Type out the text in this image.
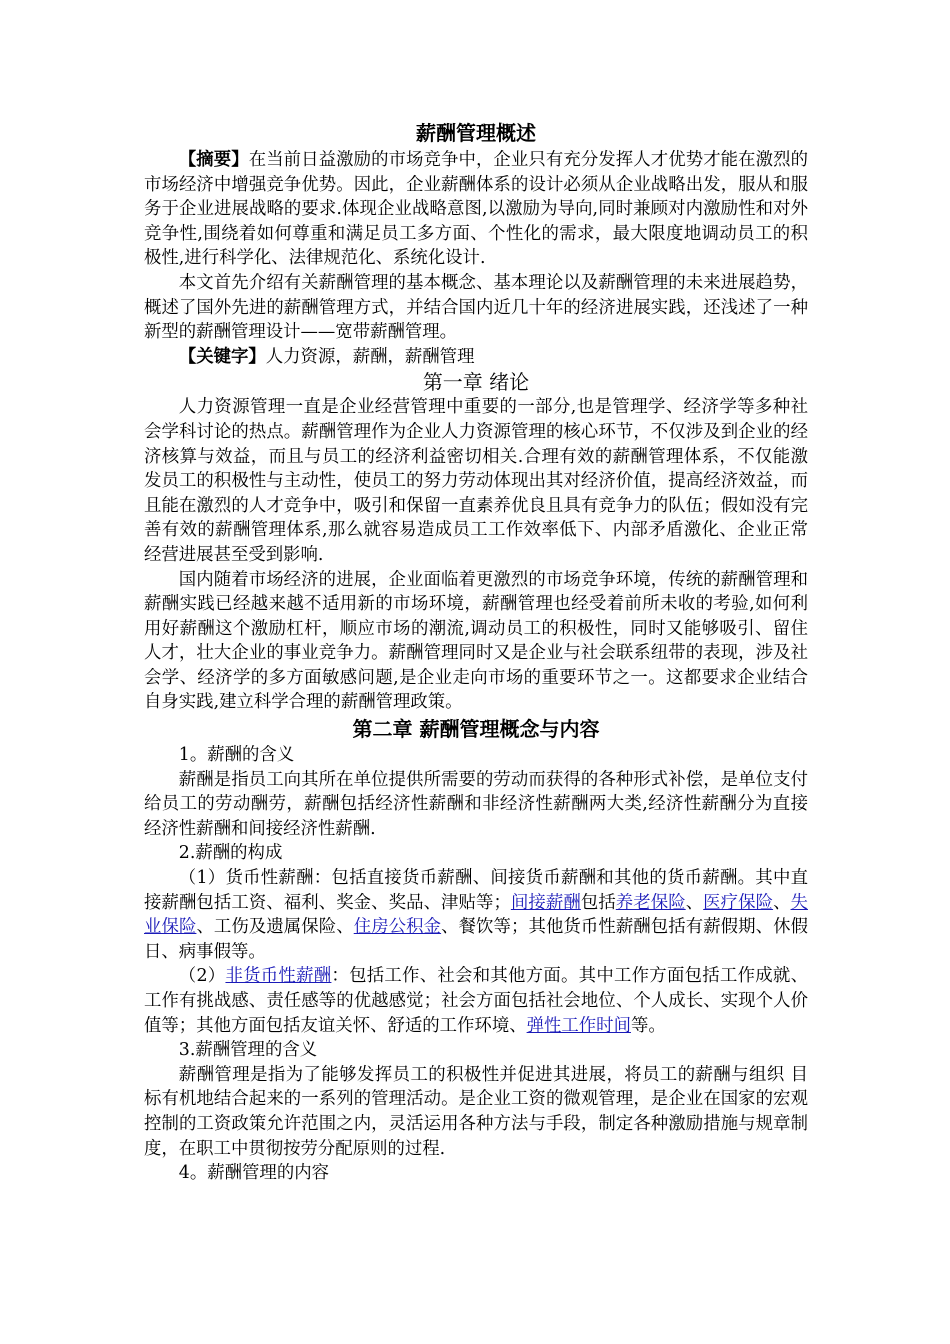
薪酬管理概述

【摘要】在当前日益激励的市场竞争中，企业只有充分发挥人才优势才能在激烈的市场经济中增强竞争优势。因此，企业薪酬体系的设计必须从企业战略出发，服从和服务于企业进展战略的要求.体现企业战略意图,以激励为导向,同时兼顾对内激励性和对外竞争性,围绕着如何尊重和满足员工多方面、个性化的需求，最大限度地调动员工的积极性,进行科学化、法律规范化、系统化设计.

本文首先介绍有关薪酬管理的基本概念、基本理论以及薪酬管理的未来进展趋势，概述了国外先进的薪酬管理方式，并结合国内近几十年的经济进展实践，还浅述了一种新型的薪酬管理设计——宽带薪酬管理。

【关键字】人力资源，薪酬，薪酬管理

第一章 绪论

人力资源管理一直是企业经营管理中重要的一部分,也是管理学、经济学等多种社会学科讨论的热点。薪酬管理作为企业人力资源管理的核心环节，不仅涉及到企业的经济核算与效益，而且与员工的经济利益密切相关.合理有效的薪酬管理体系，不仅能激发员工的积极性与主动性，使员工的努力劳动体现出其对经济价值，提高经济效益，而且能在激烈的人才竞争中，吸引和保留一直素养优良且具有竞争力的队伍；假如没有完善有效的薪酬管理体系,那么就容易造成员工工作效率低下、内部矛盾激化、企业正常经营进展甚至受到影响.

国内随着市场经济的进展，企业面临着更激烈的市场竞争环境，传统的薪酬管理和薪酬实践已经越来越不适用新的市场环境，薪酬管理也经受着前所未收的考验,如何利用好薪酬这个激励杠杆，顺应市场的潮流,调动员工的积极性，同时又能够吸引、留住人才，壮大企业的事业竞争力。薪酬管理同时又是企业与社会联系纽带的表现，涉及社会学、经济学的多方面敏感问题,是企业走向市场的重要环节之一。这都要求企业结合自身实践,建立科学合理的薪酬管理政策。

第二章 薪酬管理概念与内容

1。薪酬的含义

薪酬是指员工向其所在单位提供所需要的劳动而获得的各种形式补偿，是单位支付给员工的劳动酬劳，薪酬包括经济性薪酬和非经济性薪酬两大类,经济性薪酬分为直接经济性薪酬和间接经济性薪酬.

2.薪酬的构成

（1）货币性薪酬：包括直接货币薪酬、间接货币薪酬和其他的货币薪酬。其中直接薪酬包括工资、福利、奖金、奖品、津贴等；间接薪酬包括养老保险、医疗保险、失业保险、工伤及遗属保险、住房公积金、餐饮等；其他货币性薪酬包括有薪假期、休假日、病事假等。

（2）非货币性薪酬：包括工作、社会和其他方面。其中工作方面包括工作成就、工作有挑战感、责任感等的优越感觉；社会方面包括社会地位、个人成长、实现个人价值等；其他方面包括友谊关怀、舒适的工作环境、弹性工作时间等。

3.薪酬管理的含义

薪酬管理是指为了能够发挥员工的积极性并促进其进展，将员工的薪酬与组织 目标有机地结合起来的一系列的管理活动。是企业工资的微观管理，是企业在国家的宏观控制的工资政策允许范围之内，灵活运用各种方法与手段，制定各种激励措施与规章制度，在职工中贯彻按劳分配原则的过程.

4。薪酬管理的内容
